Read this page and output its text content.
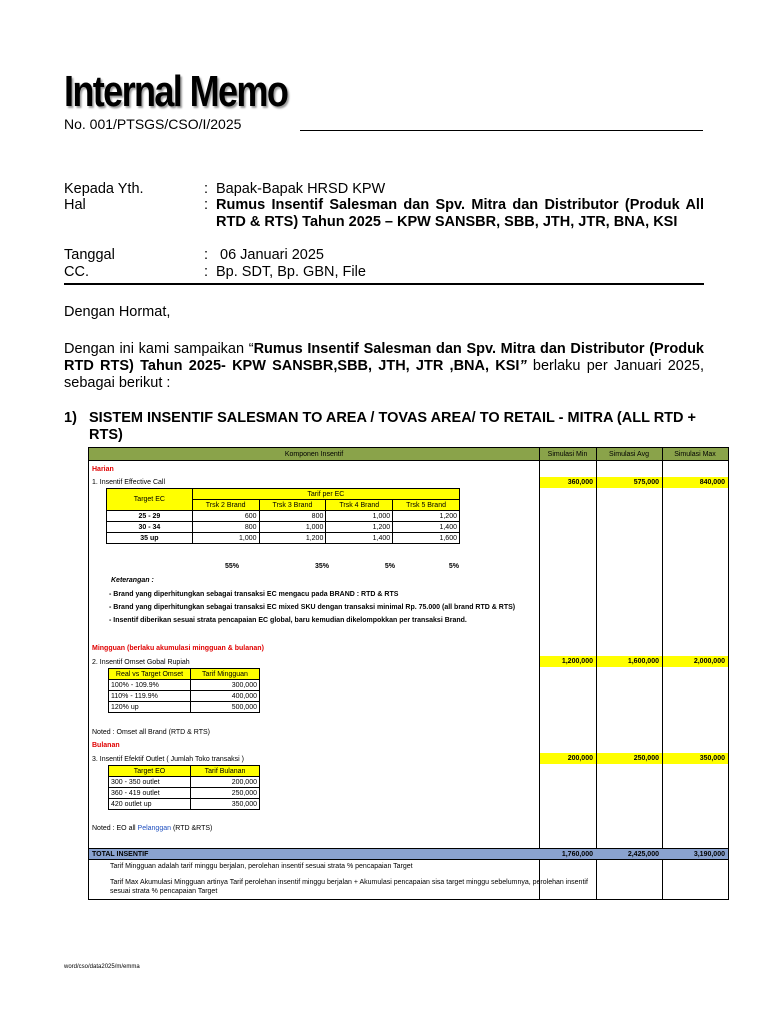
Internal Memo
No. 001/PTSGS/CSO/I/2025
Kepada Yth.	: Bapak-Bapak HRSD KPW
Hal	: Rumus Insentif Salesman dan Spv. Mitra dan Distributor (Produk All RTD & RTS) Tahun 2025 – KPW SANSBR, SBB, JTH, JTR, BNA, KSI
Tanggal	: 06 Januari 2025
CC.	: Bp. SDT, Bp. GBN, File
Dengan Hormat,
Dengan ini kami sampaikan “Rumus Insentif Salesman dan Spv. Mitra dan Distributor (Produk RTD RTS) Tahun 2025- KPW SANSBR,SBB, JTH, JTR ,BNA, KSI” berlaku per Januari 2025, sebagai berikut :
1) SISTEM INSENTIF SALESMAN TO AREA / TOVAS AREA/ TO RETAIL - MITRA (ALL RTD + RTS)
Komponen Insentif	Simulasi Min	Simulasi Avg	Simulasi Max
Harian
1. Insentif Effective Call	360,000	575,000	840,000
Target EC	Tarif per EC			
	Trsk 2 Brand	Trsk 3 Brand	Trsk 4 Brand	Trsk 5 Brand
25 - 29	600	800	1,000	1,200
30 - 34	800	1,000	1,200	1,400
35 up	1,000	1,200	1,400	1,600
55%	35%	5%	5%
Keterangan :
- Brand yang diperhitungkan sebagai transaksi EC mengacu pada BRAND : RTD & RTS
- Brand yang diperhitungkan sebagai transaksi EC mixed SKU dengan transaksi minimal Rp. 75.000 (all brand RTD & RTS)
- Insentif diberikan sesuai strata pencapaian EC global, baru kemudian dikelompokkan per transaksi Brand.
Mingguan (berlaku akumulasi mingguan & bulanan)
2. Insentif Omset Gobal Rupiah	1,200,000	1,600,000	2,000,000
Real vs Target Omset	Tarif Mingguan
100% - 109.9%	300,000
110% - 119.9%	400,000
120% up	500,000
Noted : Omset all Brand (RTD & RTS)
Bulanan
3. Insentif Efektif Outlet ( Jumlah Toko transaksi )	200,000	250,000	350,000
Target EO	Tarif Bulanan
300 - 350 outlet	200,000
360 - 419 outlet	250,000
420 outlet up	350,000
Noted : EO all Pelanggan (RTD &RTS)
TOTAL INSENTIF	1,760,000	2,425,000	3,190,000
Tarif Mingguan adalah tarif minggu berjalan, perolehan insentif sesuai strata % pencapaian Target
Tarif Max Akumulasi Mingguan artinya Tarif perolehan insentif minggu berjalan + Akumulasi pencapaian sisa target minggu sebelumnya, perolehan insentif
sesuai strata % pencapaian Target
word/cso/data2025/m/emma
